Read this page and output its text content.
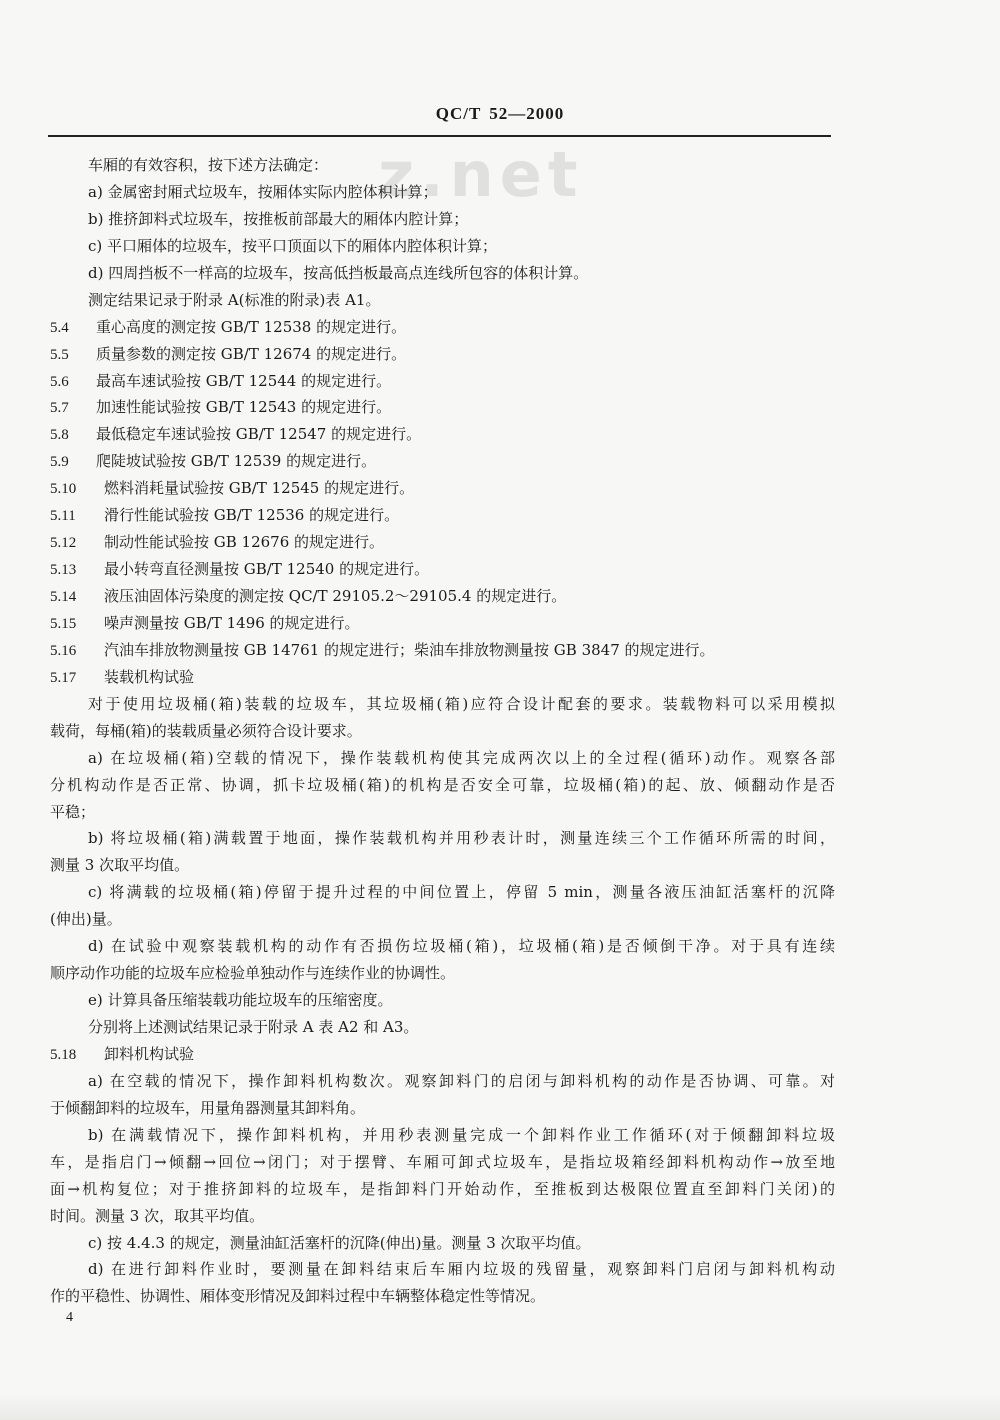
QC/T 52—2000
z.net
车厢的有效容积，按下述方法确定：
a) 金属密封厢式垃圾车，按厢体实际内腔体积计算；
b) 推挤卸料式垃圾车，按推板前部最大的厢体内腔计算；
c) 平口厢体的垃圾车，按平口顶面以下的厢体内腔体积计算；
d) 四周挡板不一样高的垃圾车，按高低挡板最高点连线所包容的体积计算。
测定结果记录于附录 A(标准的附录)表 A1。
5.4 重心高度的测定按 GB/T 12538 的规定进行。
5.5 质量参数的测定按 GB/T 12674 的规定进行。
5.6 最高车速试验按 GB/T 12544 的规定进行。
5.7 加速性能试验按 GB/T 12543 的规定进行。
5.8 最低稳定车速试验按 GB/T 12547 的规定进行。
5.9 爬陡坡试验按 GB/T 12539 的规定进行。
5.10 燃料消耗量试验按 GB/T 12545 的规定进行。
5.11 滑行性能试验按 GB/T 12536 的规定进行。
5.12 制动性能试验按 GB 12676 的规定进行。
5.13 最小转弯直径测量按 GB/T 12540 的规定进行。
5.14 液压油固体污染度的测定按 QC/T 29105.2～29105.4 的规定进行。
5.15 噪声测量按 GB/T 1496 的规定进行。
5.16 汽油车排放物测量按 GB 14761 的规定进行；柴油车排放物测量按 GB 3847 的规定进行。
5.17 装载机构试验
对于使用垃圾桶(箱)装载的垃圾车，其垃圾桶(箱)应符合设计配套的要求。装载物料可以采用模拟
载荷，每桶(箱)的装载质量必须符合设计要求。
a) 在垃圾桶(箱)空载的情况下，操作装载机构使其完成两次以上的全过程(循环)动作。观察各部
分机构动作是否正常、协调，抓卡垃圾桶(箱)的机构是否安全可靠，垃圾桶(箱)的起、放、倾翻动作是否
平稳；
b) 将垃圾桶(箱)满载置于地面，操作装载机构并用秒表计时，测量连续三个工作循环所需的时间，
测量 3 次取平均值。
c) 将满载的垃圾桶(箱)停留于提升过程的中间位置上，停留 5 min，测量各液压油缸活塞杆的沉降
(伸出)量。
d) 在试验中观察装载机构的动作有否损伤垃圾桶(箱)，垃圾桶(箱)是否倾倒干净。对于具有连续
顺序动作功能的垃圾车应检验单独动作与连续作业的协调性。
e) 计算具备压缩装载功能垃圾车的压缩密度。
分别将上述测试结果记录于附录 A 表 A2 和 A3。
5.18 卸料机构试验
a) 在空载的情况下，操作卸料机构数次。观察卸料门的启闭与卸料机构的动作是否协调、可靠。对
于倾翻卸料的垃圾车，用量角器测量其卸料角。
b) 在满载情况下，操作卸料机构，并用秒表测量完成一个卸料作业工作循环(对于倾翻卸料垃圾
车，是指启门→倾翻→回位→闭门；对于摆臂、车厢可卸式垃圾车，是指垃圾箱经卸料机构动作→放至地
面→机构复位；对于推挤卸料的垃圾车，是指卸料门开始动作，至推板到达极限位置直至卸料门关闭)的
时间。测量 3 次，取其平均值。
c) 按 4.4.3 的规定，测量油缸活塞杆的沉降(伸出)量。测量 3 次取平均值。
d) 在进行卸料作业时，要测量在卸料结束后车厢内垃圾的残留量，观察卸料门启闭与卸料机构动
作的平稳性、协调性、厢体变形情况及卸料过程中车辆整体稳定性等情况。
4
